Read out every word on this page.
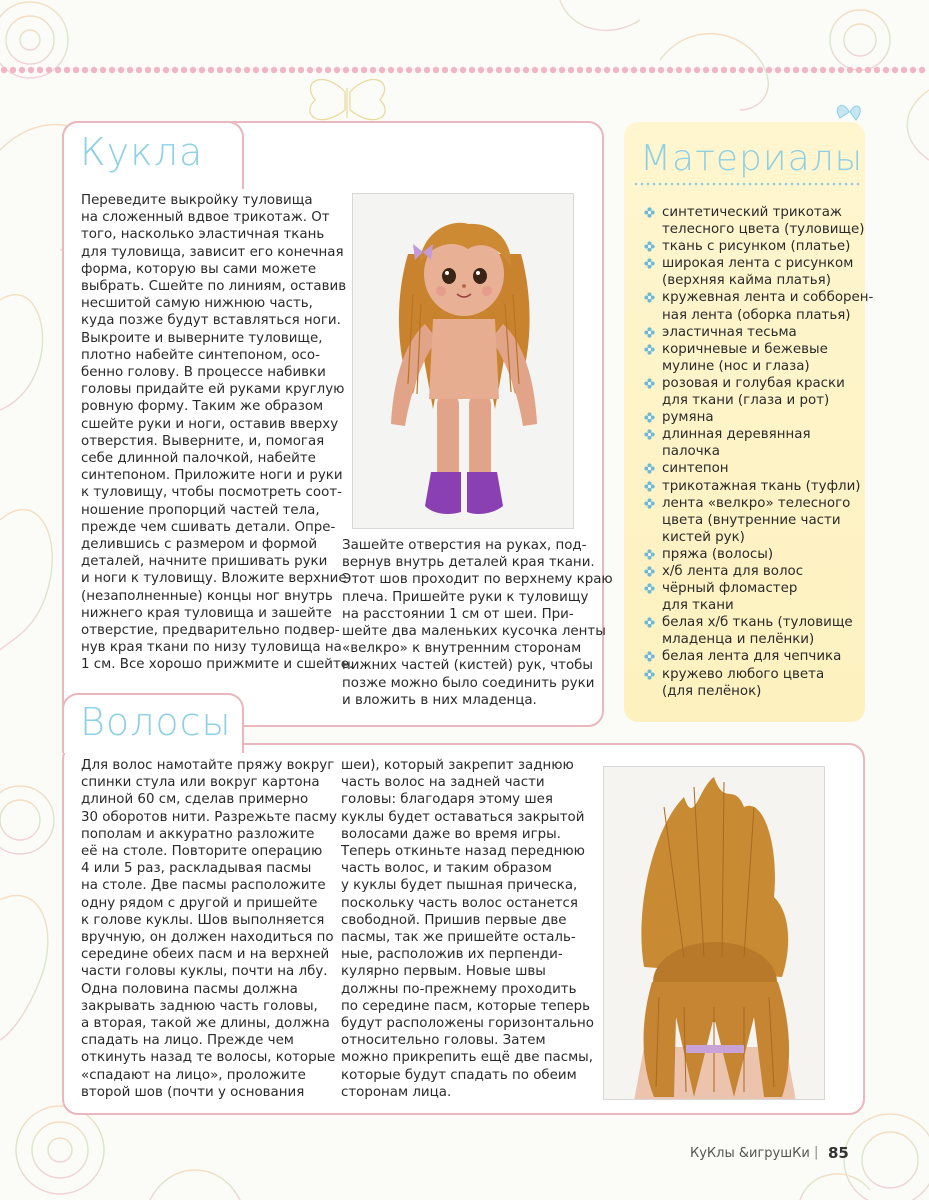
Кукла
Переведите выкройку туловища
на сложенный вдвое трикотаж. От
того, насколько эластичная ткань
для туловища, зависит его конечная
форма, которую вы сами можете
выбрать. Сшейте по линиям, оставив
несшитой самую нижнюю часть,
куда позже будут вставляться ноги.
Выкроите и выверните туловище,
плотно набейте синтепоном, осо-
бенно голову. В процессе набивки
головы придайте ей руками круглую
ровную форму. Таким же образом
сшейте руки и ноги, оставив вверху
отверстия. Выверните, и, помогая
себе длинной палочкой, набейте
синтепоном. Приложите ноги и руки
к туловищу, чтобы посмотреть соот-
ношение пропорций частей тела,
прежде чем сшивать детали. Опре-
делившись с размером и формой
деталей, начните пришивать руки
и ноги к туловищу. Вложите верхние
(незаполненные) концы ног внутрь
нижнего края туловища и зашейте
отверстие, предварительно подвер-
нув края ткани по низу туловища на
1 см. Все хорошо прижмите и сшейте.
Зашейте отверстия на руках, под-
вернув внутрь деталей края ткани.
Этот шов проходит по верхнему краю
плеча. Пришейте руки к туловищу
на расстоянии 1 см от шеи. При-
шейте два маленьких кусочка ленты
«велкро» к внутренним сторонам
нижних частей (кистей) рук, чтобы
позже можно было соединить руки
и вложить в них младенца.
Материалы
синтетический трикотаж
телесного цвета (туловище)
ткань с рисунком (платье)
широкая лента с рисунком
(верхняя кайма платья)
кружевная лента и собборен-
ная лента (оборка платья)
эластичная тесьма
коричневые и бежевые
мулине (нос и глаза)
розовая и голубая краски
для ткани (глаза и рот)
румяна
длинная деревянная
палочка
синтепон
трикотажная ткань (туфли)
лента «велкро» телесного
цвета (внутренние части
кистей рук)
пряжа (волосы)
х/б лента для волос
чёрный фломастер
для ткани
белая х/б ткань (туловище
младенца и пелёнки)
белая лента для чепчика
кружево любого цвета
(для пелёнок)
Волосы
Для волос намотайте пряжу вокруг
спинки стула или вокруг картона
длиной 60 см, сделав примерно
30 оборотов нити. Разрежьте пасму
пополам и аккуратно разложите
её на столе. Повторите операцию
4 или 5 раз, раскладывая пасмы
на столе. Две пасмы расположите
одну рядом с другой и пришейте
к голове куклы. Шов выполняется
вручную, он должен находиться по
середине обеих пасм и на верхней
части головы куклы, почти на лбу.
Одна половина пасмы должна
закрывать заднюю часть головы,
а вторая, такой же длины, должна
спадать на лицо. Прежде чем
откинуть назад те волосы, которые
«спадают на лицо», проложите
второй шов (почти у основания
шеи), который закрепит заднюю
часть волос на задней части
головы: благодаря этому шея
куклы будет оставаться закрытой
волосами даже во время игры.
Теперь откиньте назад переднюю
часть волос, и таким образом
у куклы будет пышная прическа,
поскольку часть волос останется
свободной. Пришив первые две
пасмы, так же пришейте осталь-
ные, расположив их перпенди-
кулярно первым. Новые швы
должны по-прежнему проходить
по середине пасм, которые теперь
будут расположены горизонтально
относительно головы. Затем
можно прикрепить ещё две пасмы,
которые будут спадать по обеим
сторонам лица.
КуКлы &игрушКи | 85
